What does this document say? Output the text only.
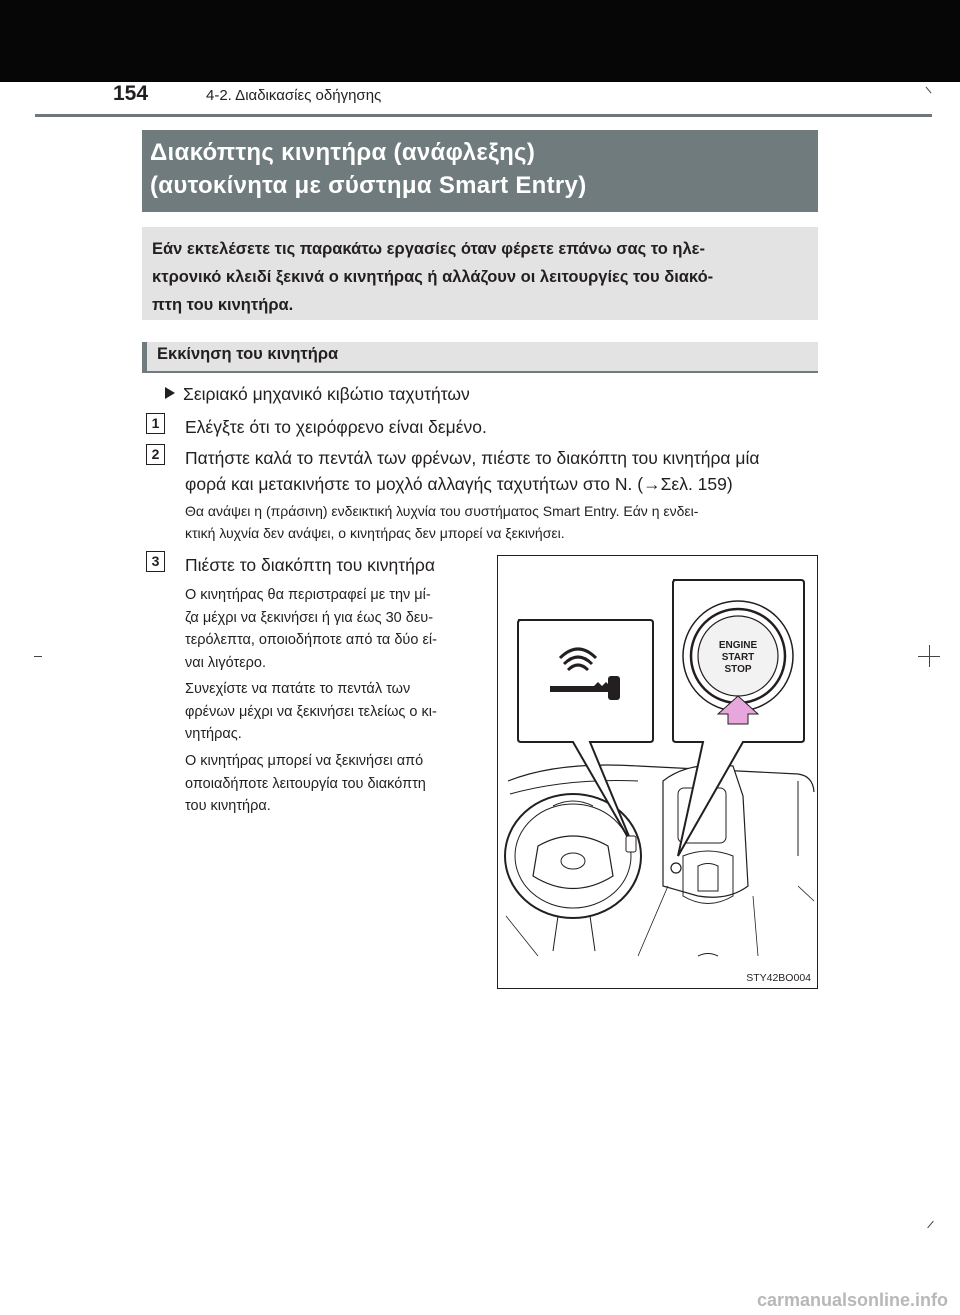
154	4-2. Διαδικασίες οδήγησης
Διακόπτης κινητήρα (ανάφλεξης)
(αυτοκίνητα με σύστημα Smart Entry)
Εάν εκτελέσετε τις παρακάτω εργασίες όταν φέρετε επάνω σας το ηλε-
κτρονικό κλειδί ξεκινά ο κινητήρας ή αλλάζουν οι λειτουργίες του διακό-
πτη του κινητήρα.
Εκκίνηση του κινητήρα
Σειριακό μηχανικό κιβώτιο ταχυτήτων
1	Ελέγξτε ότι το χειρόφρενο είναι δεμένο.
2	Πατήστε καλά το πεντάλ των φρένων, πιέστε το διακόπτη του κινητήρα μία
φορά και μετακινήστε το μοχλό αλλαγής ταχυτήτων στο N. (→Σελ. 159)
Θα ανάψει η (πράσινη) ενδεικτική λυχνία του συστήματος Smart Entry. Εάν η ενδει-
κτική λυχνία δεν ανάψει, ο κινητήρας δεν μπορεί να ξεκινήσει.
3	Πιέστε το διακόπτη του κινητήρα
Ο κινητήρας θα περιστραφεί με την μί-
ζα μέχρι να ξεκινήσει ή για έως 30 δευ-
τερόλεπτα, οποιοδήποτε από τα δύο εί-
ναι λιγότερο.
Συνεχίστε να πατάτε το πεντάλ των
φρένων μέχρι να ξεκινήσει τελείως ο κι-
νητήρας.
Ο κινητήρας μπορεί να ξεκινήσει από
οποιαδήποτε λειτουργία του διακόπτη
του κινητήρα.
ENGINE
START
STOP
STY42BO004
carmanualsonline.info
